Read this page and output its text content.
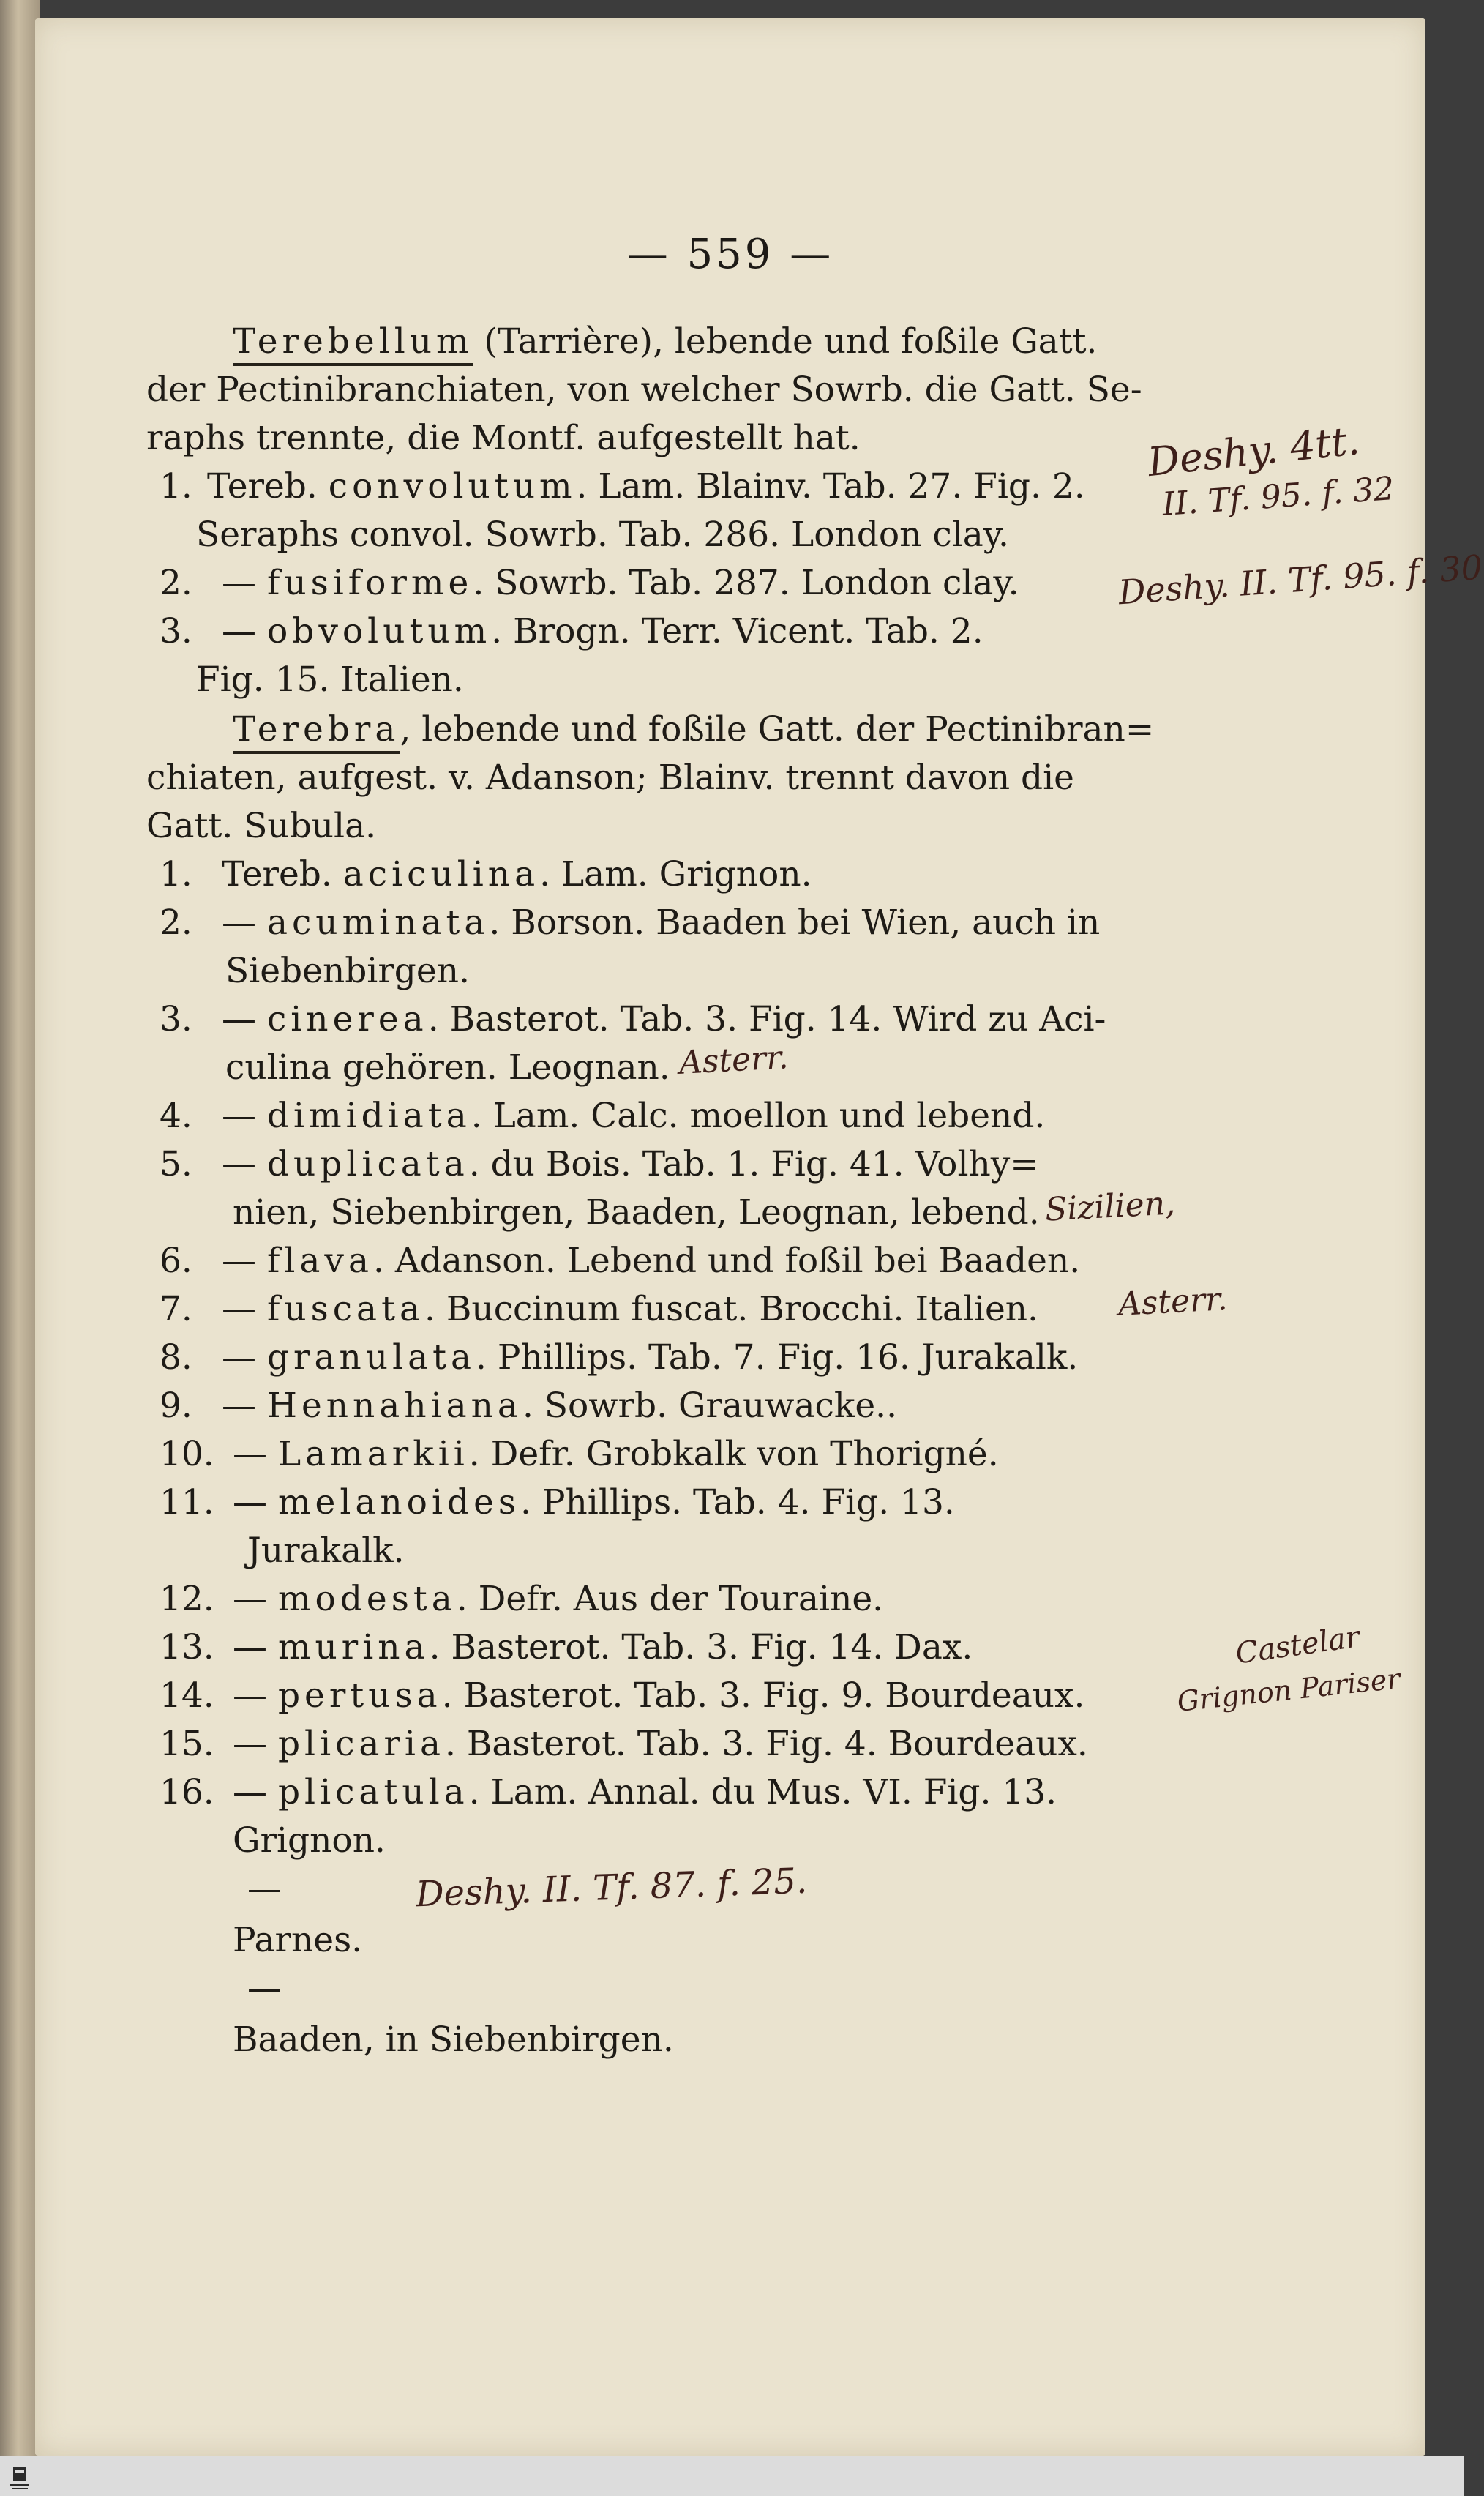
— 559 —
Terebellum (Tarrière), lebende und foßile Gatt.
der Pectinibranchiaten, von welcher Sowrb. die Gatt. Se-
raphs trennte, die Montf. aufgestellt hat.
1. Tereb. convolutum. Lam. Blainv. Tab. 27. Fig. 2.
Seraphs convol. Sowrb. Tab. 286. London clay.
2. — fusiforme. Sowrb. Tab. 287. London clay.
3. — obvolutum. Brogn. Terr. Vicent. Tab. 2.
Fig. 15. Italien.
Terebra, lebende und foßile Gatt. der Pectinibran=
chiaten, aufgest. v. Adanson; Blainv. trennt davon die
Gatt. Subula.
1. Tereb. aciculina. Lam. Grignon.
2. — acuminata. Borson. Baaden bei Wien, auch in
Siebenbirgen.
3. — cinerea. Basterot. Tab. 3. Fig. 14. Wird zu Aci-
culina gehören. Leognan.
4. — dimidiata. Lam. Calc. moellon und lebend.
5. — duplicata. du Bois. Tab. 1. Fig. 41. Volhy=
nien, Siebenbirgen, Baaden, Leognan, lebend.
6. — flava. Adanson. Lebend und foßil bei Baaden.
7. — fuscata. Buccinum fuscat. Brocchi. Italien.
8. — granulata. Phillips. Tab. 7. Fig. 16. Jurakalk.
9. — Hennahiana. Sowrb. Grauwacke..
10. — Lamarkii. Defr. Grobkalk von Thorigné.
11. — melanoides. Phillips. Tab. 4. Fig. 13.
Jurakalk.
12. — modesta. Defr. Aus der Touraine.
13. — murina. Basterot. Tab. 3. Fig. 14. Dax.
14. — pertusa. Basterot. Tab. 3. Fig. 9. Bourdeaux.
15. — plicaria. Basterot. Tab. 3. Fig. 4. Bourdeaux.
16. — plicatula. Lam. Annal. du Mus. VI. Fig. 13.
Grignon.
—
Parnes.
—
Baaden, in Siebenbirgen.
Deshy. 4tt.
II. Tf. 95. f. 32
Deshy. II. Tf. 95. f. 30
Asterr.
Sizilien,
Asterr.
Castelar
Grignon Pariser
Deshy. II. Tf. 87. f. 25.
